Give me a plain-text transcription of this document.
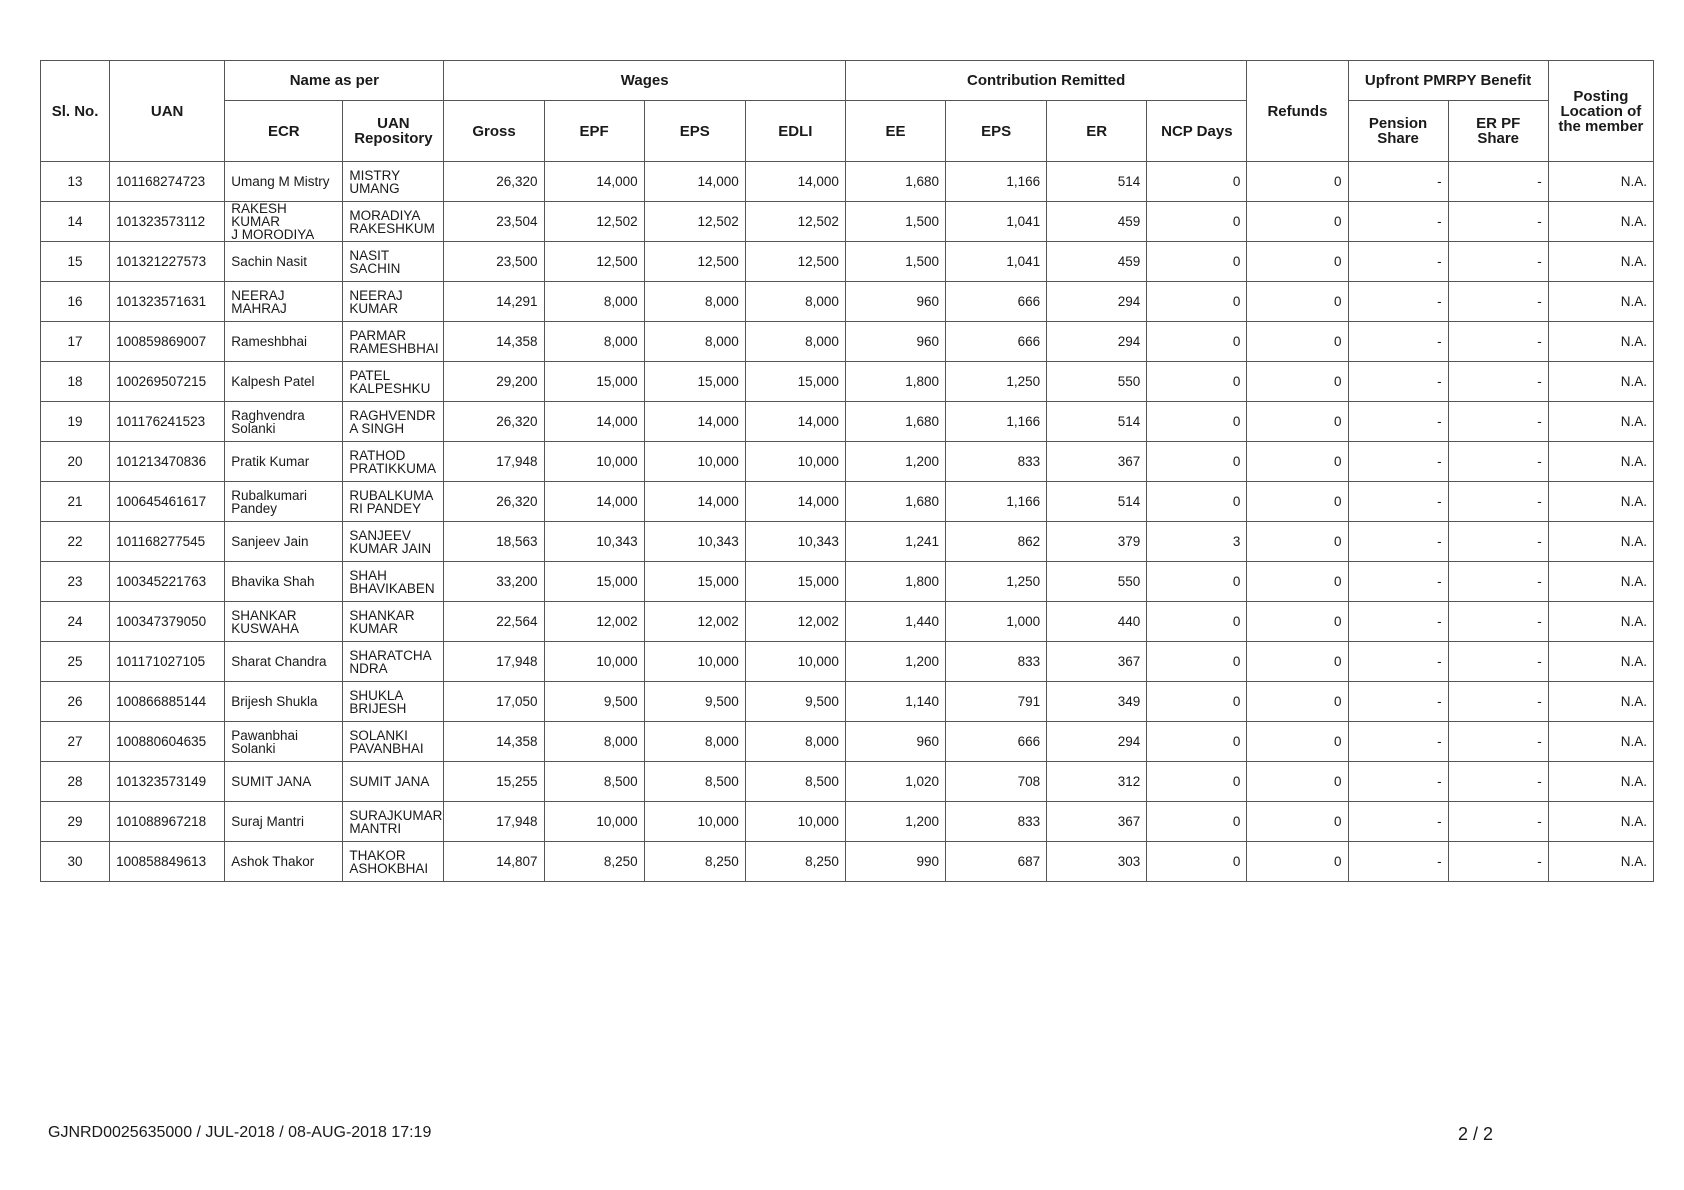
Sl. No.	UAN	Name as per		Wages				Contribution Remitted				Refunds	Upfront PMRPY Benefit		Posting Location of the member
		ECR	UAN Repository	Gross	EPF	EPS	EDLI	EE	EPS	ER	NCP Days		Pension Share	ER PF Share	
13	101168274723	Umang M Mistry	MISTRY
UMANG	26,320	14,000	14,000	14,000	1,680	1,166	514	0	0	-	-	N.A.
14	101323573112	RAKESH KUMAR
J MORODIYA	MORADIYA
RAKESHKUM	23,504	12,502	12,502	12,502	1,500	1,041	459	0	0	-	-	N.A.
15	101321227573	Sachin Nasit	NASIT
SACHIN	23,500	12,500	12,500	12,500	1,500	1,041	459	0	0	-	-	N.A.
16	101323571631	NEERAJ MAHRAJ	NEERAJ
KUMAR	14,291	8,000	8,000	8,000	960	666	294	0	0	-	-	N.A.
17	100859869007	Rameshbhai	PARMAR
RAMESHBHAI	14,358	8,000	8,000	8,000	960	666	294	0	0	-	-	N.A.
18	100269507215	Kalpesh Patel	PATEL
KALPESHKU	29,200	15,000	15,000	15,000	1,800	1,250	550	0	0	-	-	N.A.
19	101176241523	Raghvendra
Solanki	RAGHVENDR
A SINGH	26,320	14,000	14,000	14,000	1,680	1,166	514	0	0	-	-	N.A.
20	101213470836	Pratik Kumar	RATHOD
PRATIKKUMA	17,948	10,000	10,000	10,000	1,200	833	367	0	0	-	-	N.A.
21	100645461617	Rubalkumari
Pandey	RUBALKUMA
RI PANDEY	26,320	14,000	14,000	14,000	1,680	1,166	514	0	0	-	-	N.A.
22	101168277545	Sanjeev Jain	SANJEEV
KUMAR JAIN	18,563	10,343	10,343	10,343	1,241	862	379	3	0	-	-	N.A.
23	100345221763	Bhavika Shah	SHAH
BHAVIKABEN	33,200	15,000	15,000	15,000	1,800	1,250	550	0	0	-	-	N.A.
24	100347379050	SHANKAR
KUSWAHA	SHANKAR
KUMAR	22,564	12,002	12,002	12,002	1,440	1,000	440	0	0	-	-	N.A.
25	101171027105	Sharat Chandra	SHARATCHA
NDRA	17,948	10,000	10,000	10,000	1,200	833	367	0	0	-	-	N.A.
26	100866885144	Brijesh Shukla	SHUKLA
BRIJESH	17,050	9,500	9,500	9,500	1,140	791	349	0	0	-	-	N.A.
27	100880604635	Pawanbhai
Solanki	SOLANKI
PAVANBHAI	14,358	8,000	8,000	8,000	960	666	294	0	0	-	-	N.A.
28	101323573149	SUMIT JANA	SUMIT JANA	15,255	8,500	8,500	8,500	1,020	708	312	0	0	-	-	N.A.
29	101088967218	Suraj Mantri	SURAJKUMAR
MANTRI	17,948	10,000	10,000	10,000	1,200	833	367	0	0	-	-	N.A.
30	100858849613	Ashok Thakor	THAKOR
ASHOKBHAI	14,807	8,250	8,250	8,250	990	687	303	0	0	-	-	N.A.
GJNRD0025635000 / JUL-2018 / 08-AUG-2018 17:19	2 / 2
